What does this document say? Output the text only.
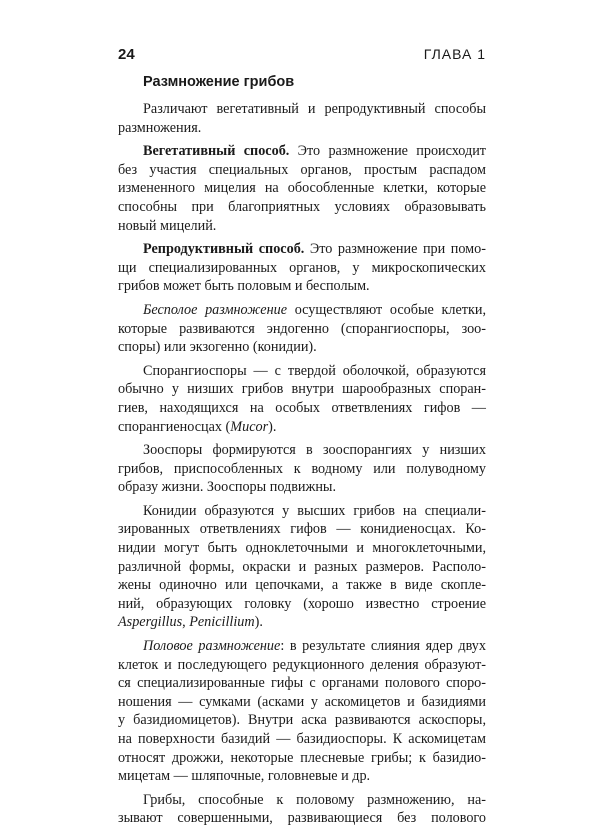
24	ГЛАВА 1
Размножение грибов

Различают вегетативный и репродуктивный способы
размножения.

Вегетативный способ. Это размножение происходит
без участия специальных органов, простым распадом
измененного мицелия на обособленные клетки, которые
способны при благоприятных условиях образовывать
новый мицелий.

Репродуктивный способ. Это размножение при помо-
щи специализированных органов, у микроскопических
грибов может быть половым и бесполым.

Бесполое размножение осуществляют особые клетки,
которые развиваются эндогенно (спорангиоспоры, зоо-
споры) или экзогенно (конидии).

Спорангиоспоры — с твердой оболочкой, образуются
обычно у низших грибов внутри шарообразных споран-
гиев, находящихся на особых ответвлениях гифов —
спорангиеносцах (Mucor).

Зооспоры формируются в зооспорангиях у низших
грибов, приспособленных к водному или полуводному
образу жизни. Зооспоры подвижны.

Конидии образуются у высших грибов на специали-
зированных ответвлениях гифов — конидиеносцах. Ко-
нидии могут быть одноклеточными и многоклеточными,
различной формы, окраски и разных размеров. Располо-
жены одиночно или цепочками, а также в виде скопле-
ний, образующих головку (хорошо известно строение
Aspergillus, Penicillium).

Половое размножение: в результате слияния ядер двух
клеток и последующего редукционного деления образуют-
ся специализированные гифы с органами полового споро-
ношения — сумками (асками у аскомицетов и базидиями
у базидиомицетов). Внутри аска развиваются аскоспоры,
на поверхности базидий — базидиоспоры. К аскомицетам
относят дрожжи, некоторые плесневые грибы; к базидио-
мицетам — шляпочные, головневые и др.

Грибы, способные к половому размножению, на-
зывают совершенными, развивающиеся без полового
